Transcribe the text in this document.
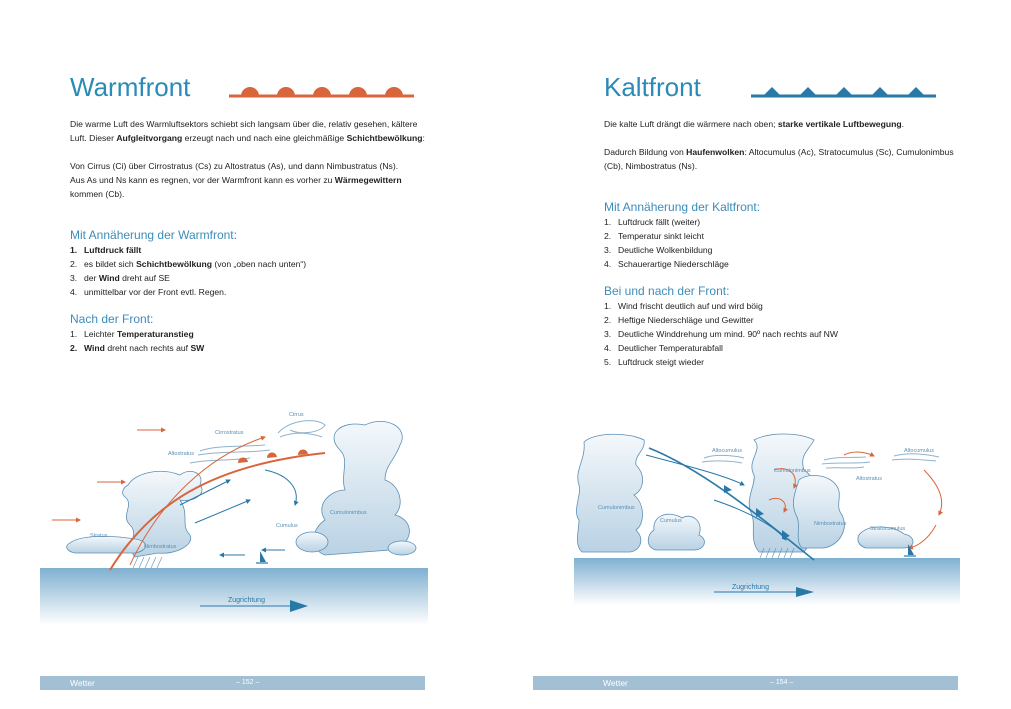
Warmfront

Die warme Luft des Warmluftsektors schiebt sich langsam über die, relativ gesehen, kältere Luft. Dieser Aufgleitvorgang erzeugt nach und nach eine gleichmäßige Schichtbewölkung:

Von Cirrus (Ci) über Cirrostratus (Cs) zu Altostratus (As), und dann Nimbustratus (Ns).
Aus As und Ns kann es regnen, vor der Warmfront kann es vorher zu Wärmegewittern kommen (Cb).

Mit Annäherung der Warmfront:
1. Luftdruck fällt
2. es bildet sich Schichtbewölkung (von „oben nach unten“)
3. der Wind dreht auf SE
4. unmittelbar vor der Front evtl. Regen.
Nach der Front:
1. Leichter Temperaturanstieg
2. Wind dreht nach rechts auf SW
Cirrus
Cirrostratus
Altostratus
Stratus
Nimbostratus
Cumulus
Cumulonimbus
Zugrichtung
Wetter	– 152 –
Kaltfront

Die kalte Luft drängt die wärmere nach oben; starke vertikale Luftbewegung.

Dadurch Bildung von Haufenwolken: Altocumulus (Ac), Stratocumulus (Sc), Cumulonimbus (Cb), Nimbostratus (Ns).

Mit Annäherung der Kaltfront:
1. Luftdruck fällt (weiter)
2. Temperatur sinkt leicht
3. Deutliche Wolkenbildung
4. Schauerartige Niederschläge
Bei und nach der Front:
1. Wind frischt deutlich auf und wird böig
2. Heftige Niederschläge und Gewitter
3. Deutliche Winddrehung um mind. 90º nach rechts auf NW
4. Deutlicher Temperaturabfall
5. Luftdruck steigt wieder
Altocumulus
Cumulonimbus
Altocumulus
Altostratus
Cumulonimbus
Cumulus	Nimbostratus
Stratocumulus
Zugrichtung
Wetter	– 154 –
